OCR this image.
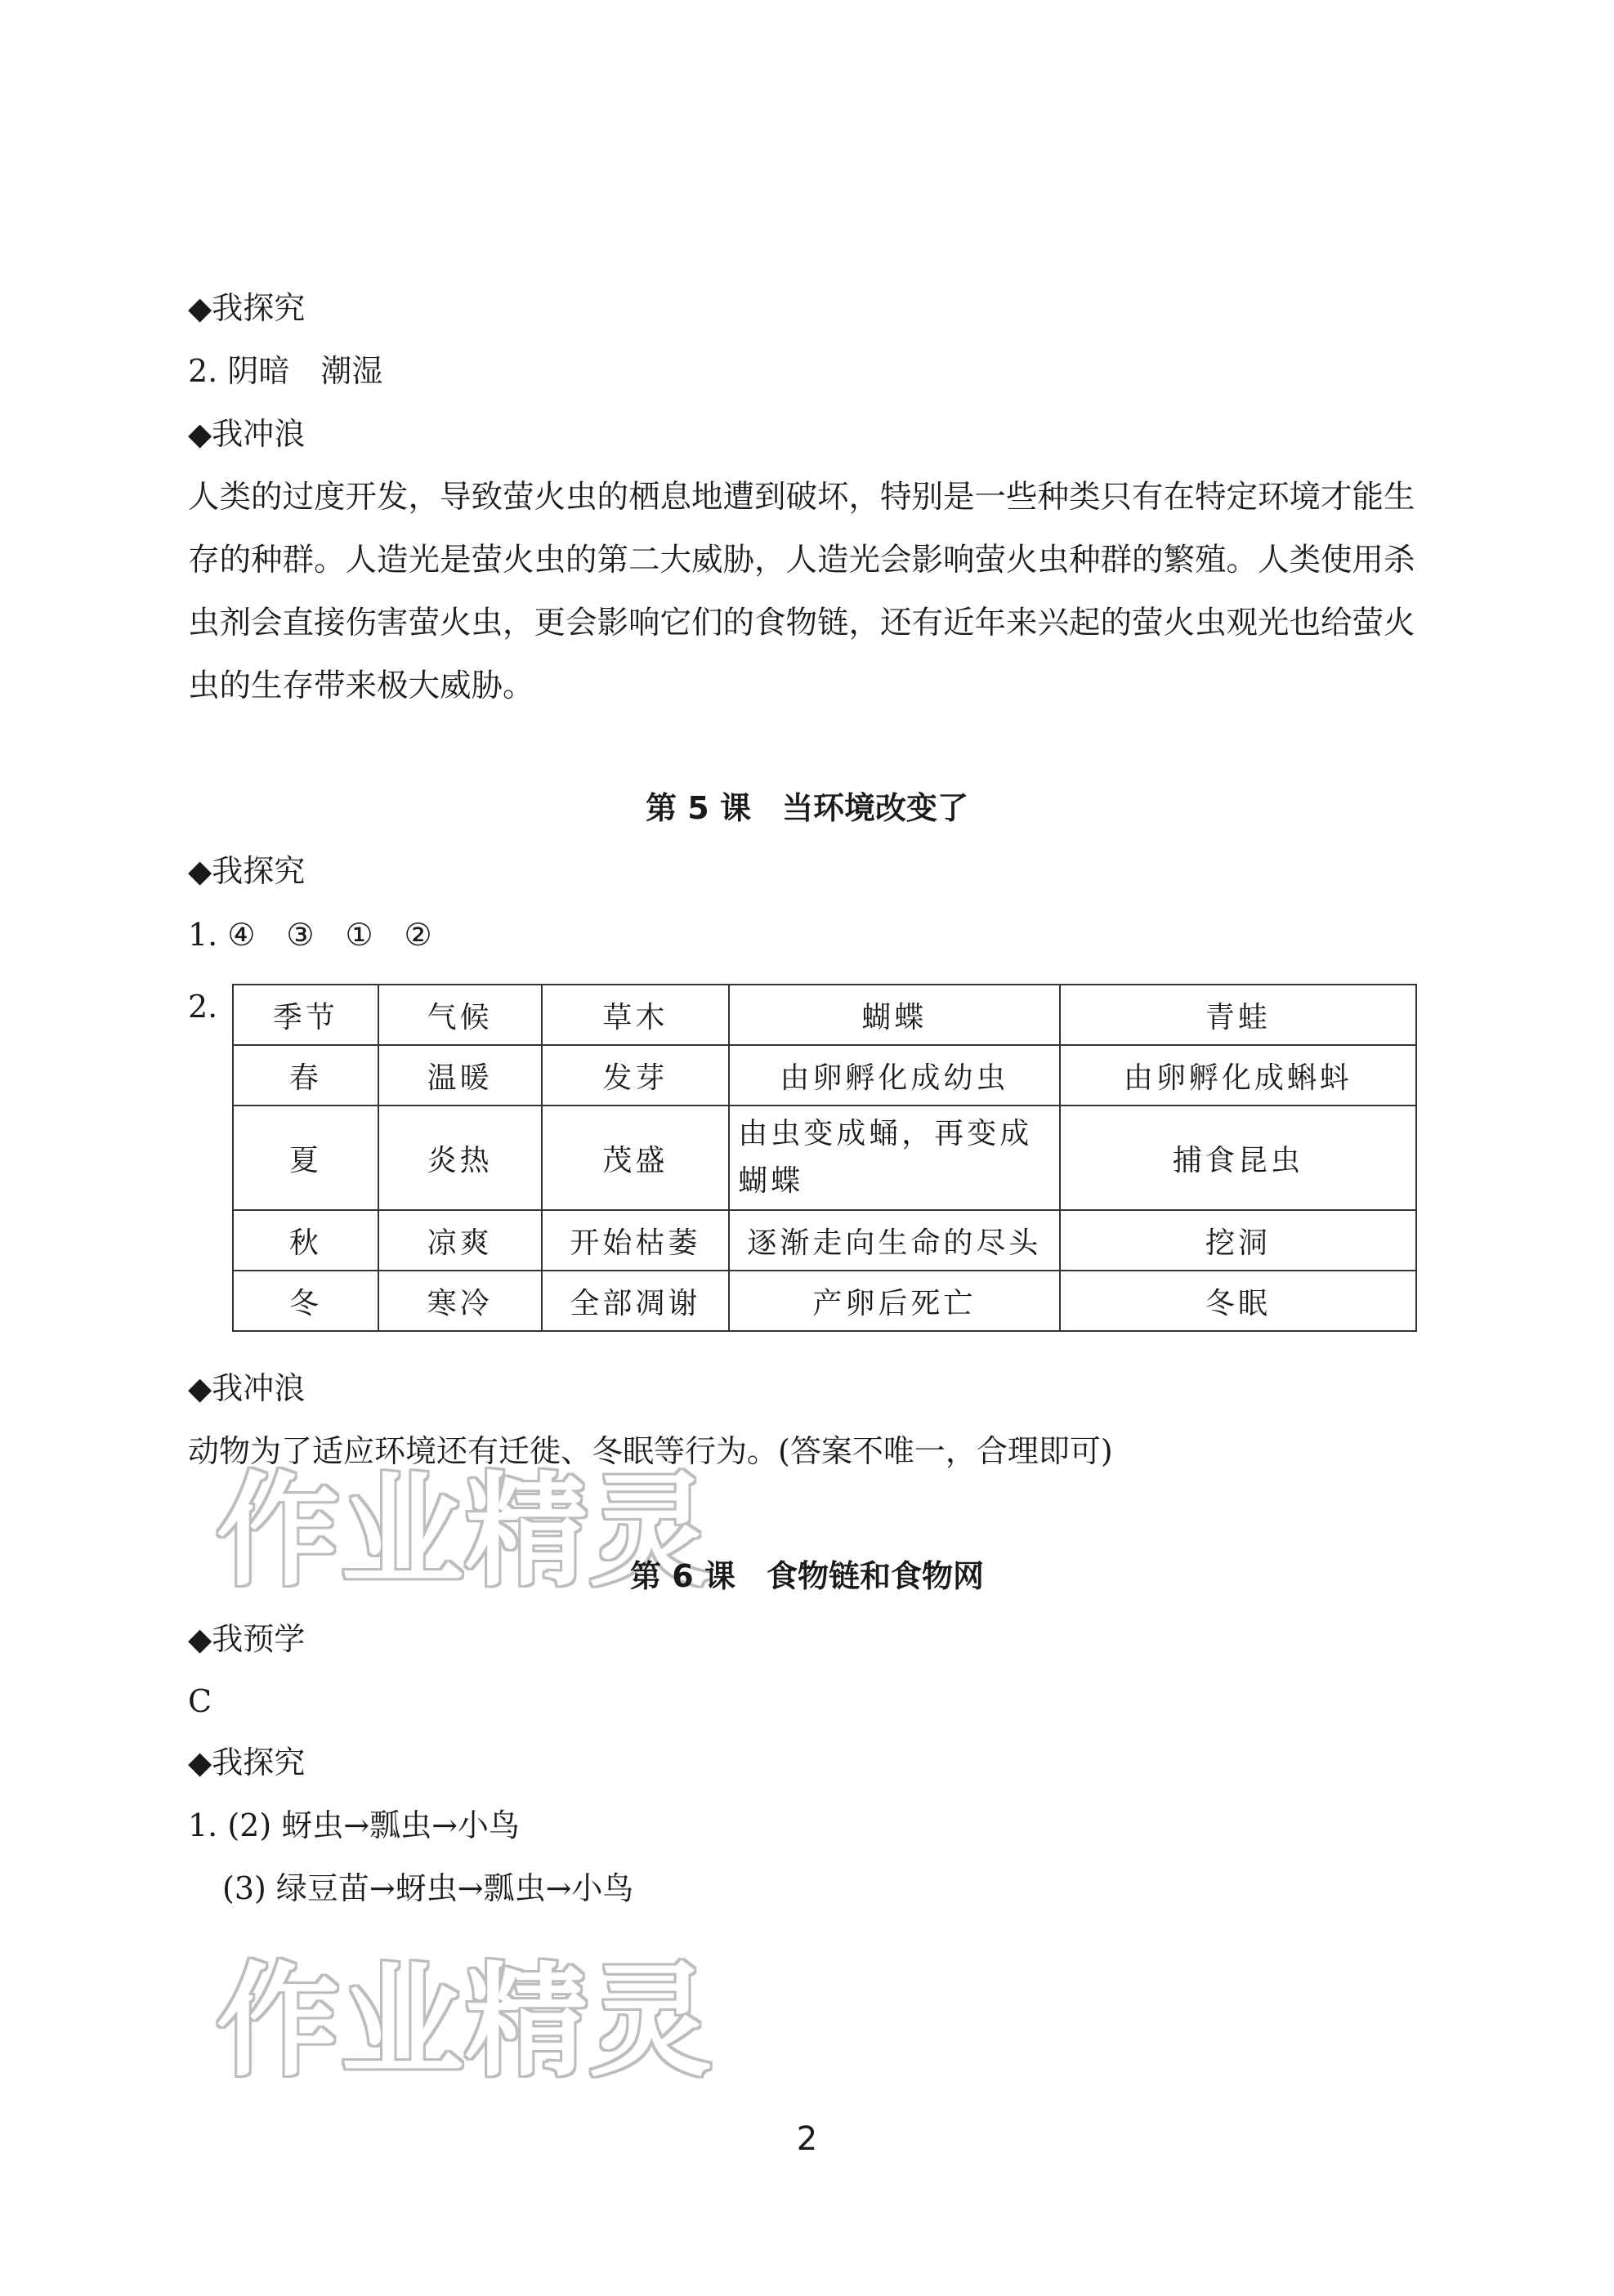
◆我探究
2. 阴暗　潮湿
◆我冲浪
人类的过度开发，导致萤火虫的栖息地遭到破坏，特别是一些种类只有在特定环境才能生存的种群。人造光是萤火虫的第二大威胁，人造光会影响萤火虫种群的繁殖。人类使用杀虫剂会直接伤害萤火虫，更会影响它们的食物链，还有近年来兴起的萤火虫观光也给萤火虫的生存带来极大威胁。
第 5 课　当环境改变了
◆我探究
1. ④　③　①　②
2. 季节	气候	草木	蝴蝶	青蛙
春	温暖	发芽	由卵孵化成幼虫	由卵孵化成蝌蚪
夏	炎热	茂盛	由虫变成蛹，再变成蝴蝶	捕食昆虫
秋	凉爽	开始枯萎	逐渐走向生命的尽头	挖洞
冬	寒冷	全部凋谢	产卵后死亡	冬眠
◆我冲浪
动物为了适应环境还有迁徙、冬眠等行为。(答案不唯一，合理即可)
作业精灵
第 6 课　食物链和食物网
◆我预学
C
◆我探究
1. (2) 蚜虫→瓢虫→小鸟
(3) 绿豆苗→蚜虫→瓢虫→小鸟
作业精灵
2
